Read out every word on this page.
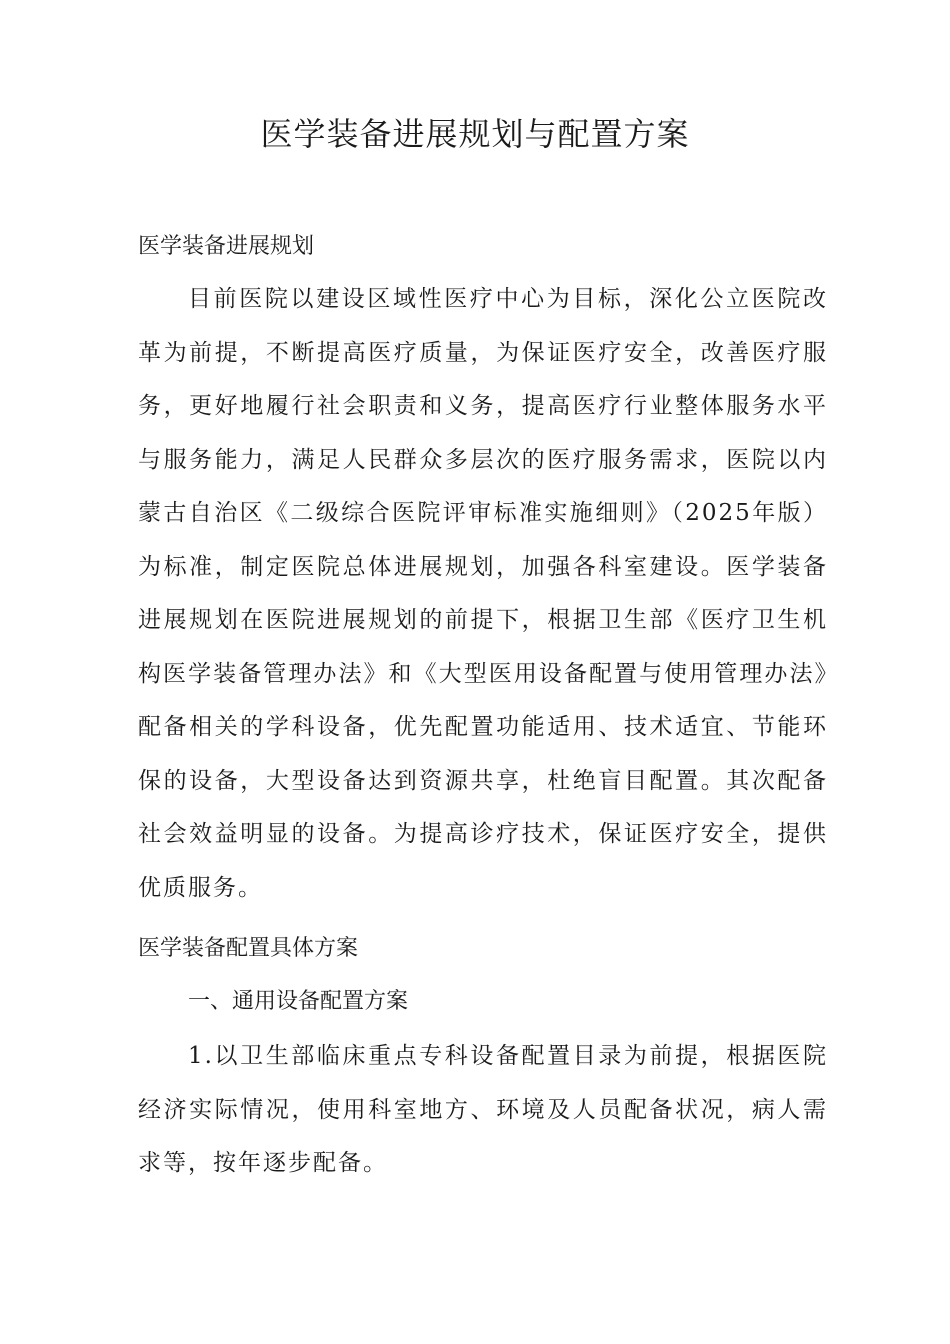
医学装备进展规划与配置方案
医学装备进展规划

目前医院以建设区域性医疗中心为目标，深化公立医院改革为前提，不断提高医疗质量，为保证医疗安全，改善医疗服务，更好地履行社会职责和义务，提高医疗行业整体服务水平与服务能力，满足人民群众多层次的医疗服务需求，医院以内蒙古自治区《二级综合医院评审标准实施细则》（2025年版）为标准，制定医院总体进展规划，加强各科室建设。医学装备进展规划在医院进展规划的前提下，根据卫生部《医疗卫生机构医学装备管理办法》和《大型医用设备配置与使用管理办法》配备相关的学科设备，优先配置功能适用、技术适宜、节能环保的设备，大型设备达到资源共享，杜绝盲目配置。其次配备社会效益明显的设备。为提高诊疗技术，保证医疗安全，提供优质服务。

医学装备配置具体方案
一、通用设备配置方案

1.以卫生部临床重点专科设备配置目录为前提，根据医院经济实际情况，使用科室地方、环境及人员配备状况，病人需求等，按年逐步配备。
